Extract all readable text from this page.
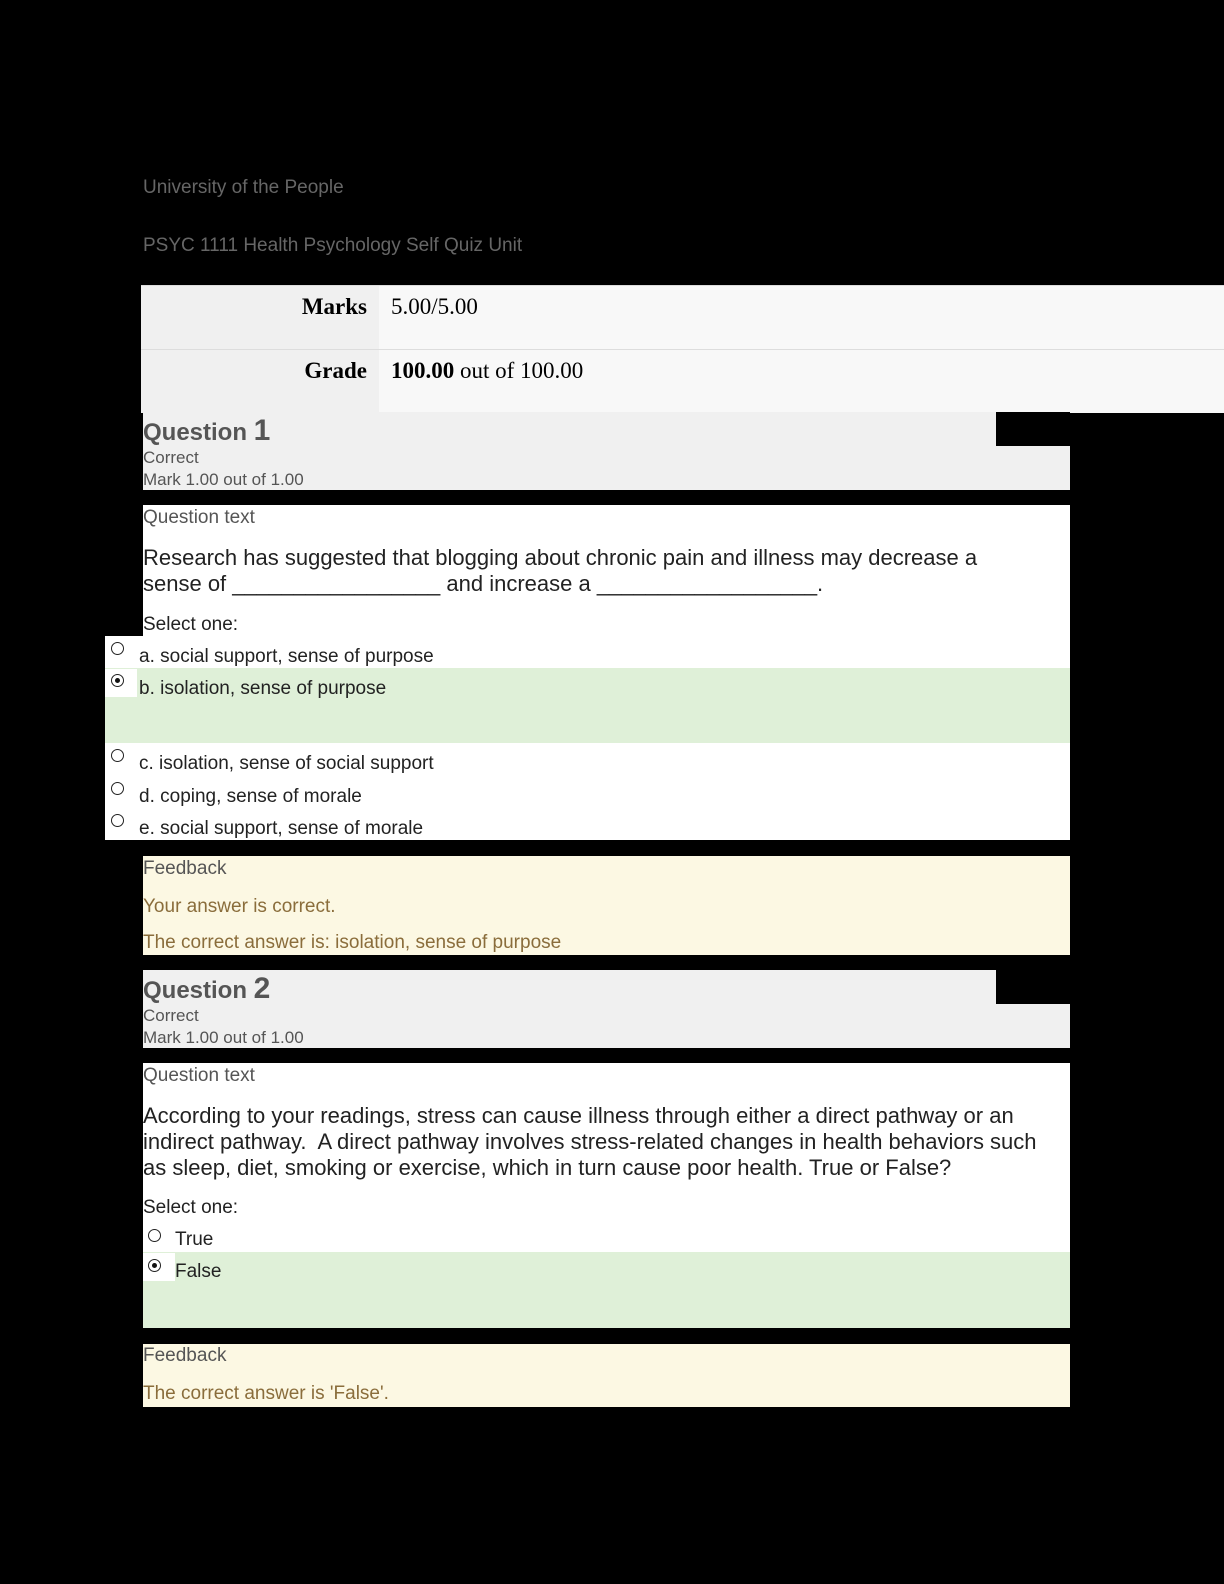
University of the People
PSYC 1111 Health Psychology Self Quiz Unit
Marks	5.00/5.00
Grade	100.00 out of 100.00
Question 1
Correct
Mark 1.00 out of 1.00
Question text
Research has suggested that blogging about chronic pain and illness may decrease a
sense of _________________ and increase a __________________.
Select one:
a. social support, sense of purpose
b. isolation, sense of purpose
c. isolation, sense of social support
d. coping, sense of morale
e. social support, sense of morale
Feedback
Your answer is correct.
The correct answer is: isolation, sense of purpose
Question 2
Correct
Mark 1.00 out of 1.00
Question text
According to your readings, stress can cause illness through either a direct pathway or an
indirect pathway.  A direct pathway involves stress-related changes in health behaviors such
as sleep, diet, smoking or exercise, which in turn cause poor health. True or False?
Select one:
True
False
Feedback
The correct answer is 'False'.
